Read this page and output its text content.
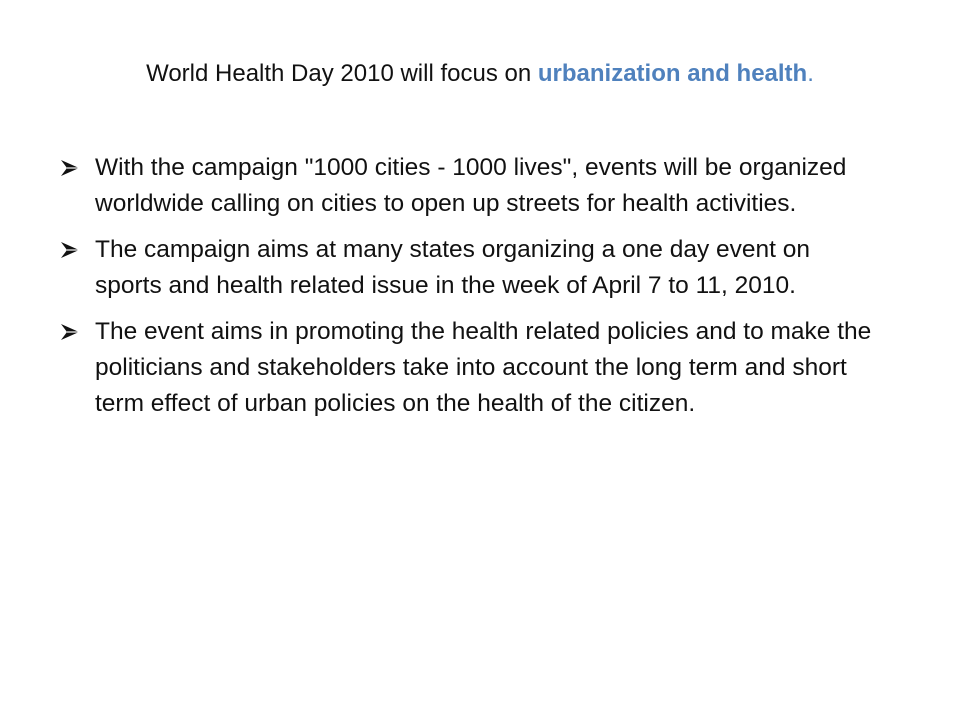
World Health Day 2010 will focus on urbanization and health.
With the campaign "1000 cities - 1000 lives", events will be organized worldwide calling on cities to open up streets for health activities.
The campaign aims at many states organizing a one day event on sports and health related issue in the week of April 7 to 11, 2010.
The event aims in promoting the health related policies and to make the politicians and stakeholders take into account the long term and short term effect of urban policies on the health of the citizen.
